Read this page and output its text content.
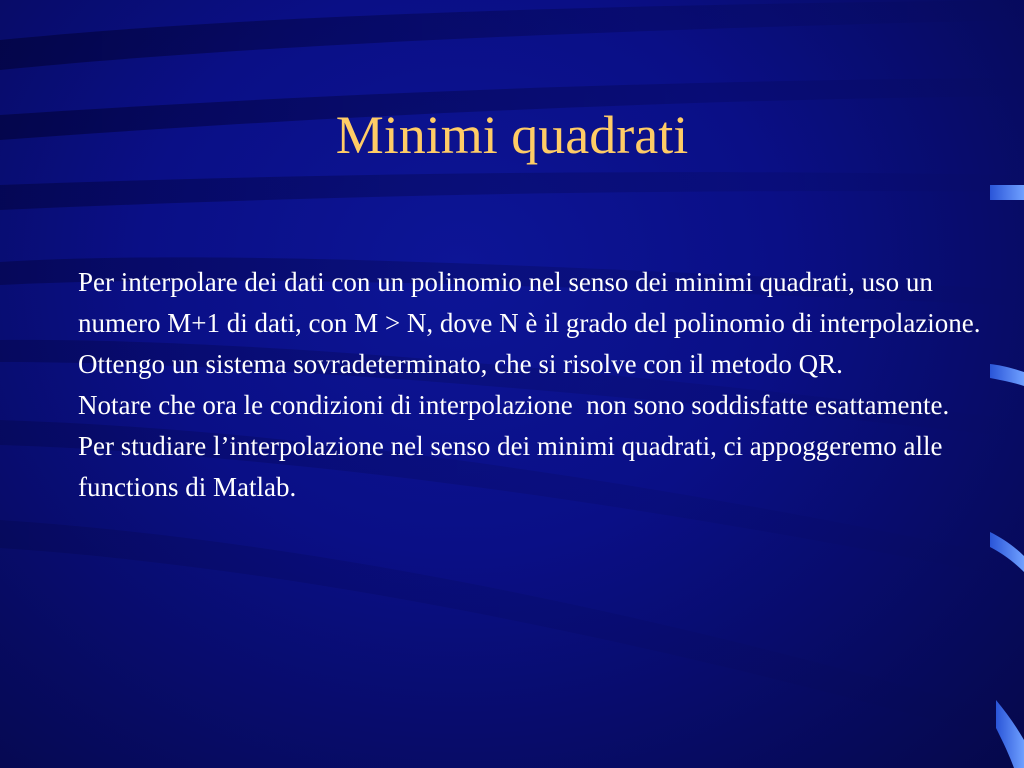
Minimi quadrati

Per interpolare dei dati con un polinomio nel senso dei minimi quadrati, uso un numero M+1 di dati, con M > N, dove N è il grado del polinomio di interpolazione.

Ottengo un sistema sovradeterminato, che si risolve con il metodo QR.

Notare che ora le condizioni di interpolazione  non sono soddisfatte esattamente.

Per studiare l’interpolazione nel senso dei minimi quadrati, ci appoggeremo alle functions di Matlab.
